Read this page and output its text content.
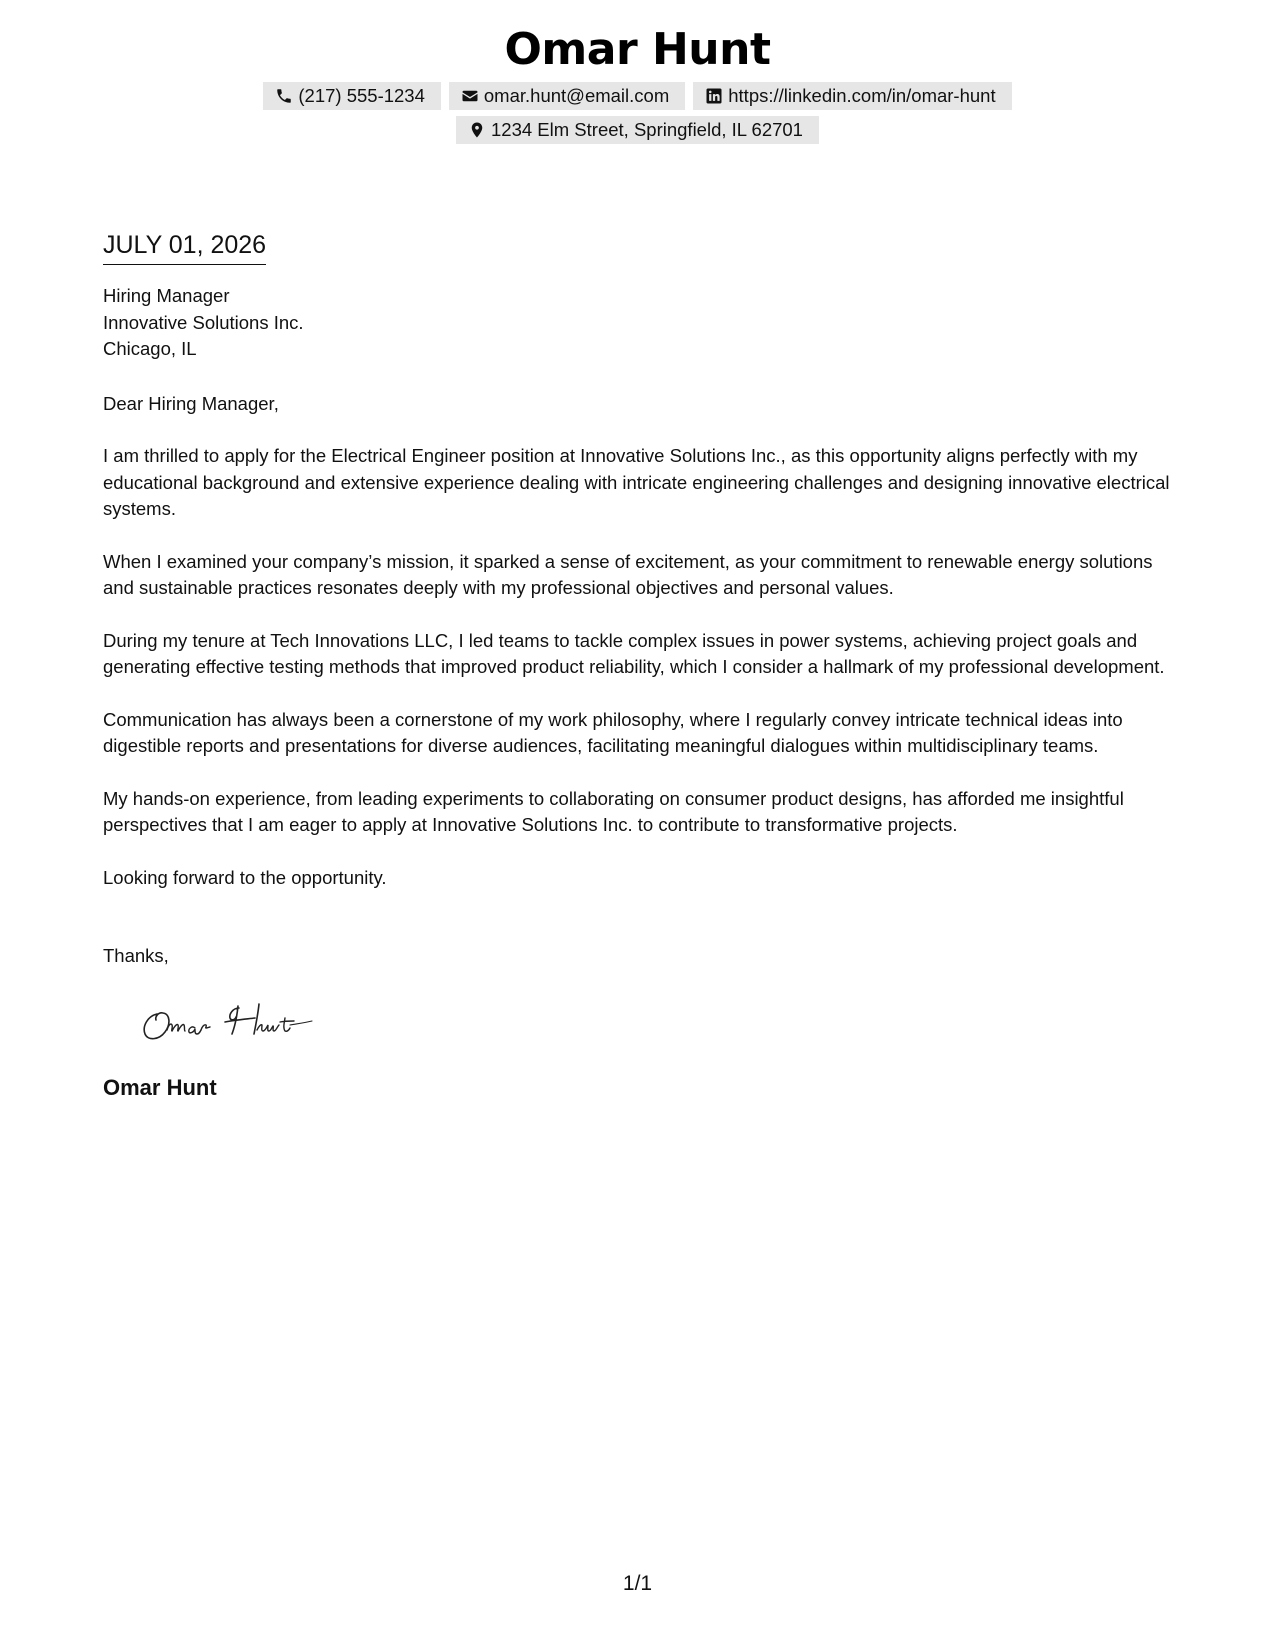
Omar Hunt
(217) 555-1234	omar.hunt@email.com	https://linkedin.com/in/omar-hunt
1234 Elm Street, Springfield, IL 62701
JULY 01, 2026
Hiring Manager
Innovative Solutions Inc.
Chicago, IL

Dear Hiring Manager,

I am thrilled to apply for the Electrical Engineer position at Innovative Solutions Inc., as this opportunity aligns perfectly with my educational background and extensive experience dealing with intricate engineering challenges and designing innovative electrical systems.

When I examined your company’s mission, it sparked a sense of excitement, as your commitment to renewable energy solutions and sustainable practices resonates deeply with my professional objectives and personal values.

During my tenure at Tech Innovations LLC, I led teams to tackle complex issues in power systems, achieving project goals and generating effective testing methods that improved product reliability, which I consider a hallmark of my professional development.

Communication has always been a cornerstone of my work philosophy, where I regularly convey intricate technical ideas into digestible reports and presentations for diverse audiences, facilitating meaningful dialogues within multidisciplinary teams.

My hands-on experience, from leading experiments to collaborating on consumer product designs, has afforded me insightful perspectives that I am eager to apply at Innovative Solutions Inc. to contribute to transformative projects.

Looking forward to the opportunity.
Thanks,
Omar Hunt
1/1
